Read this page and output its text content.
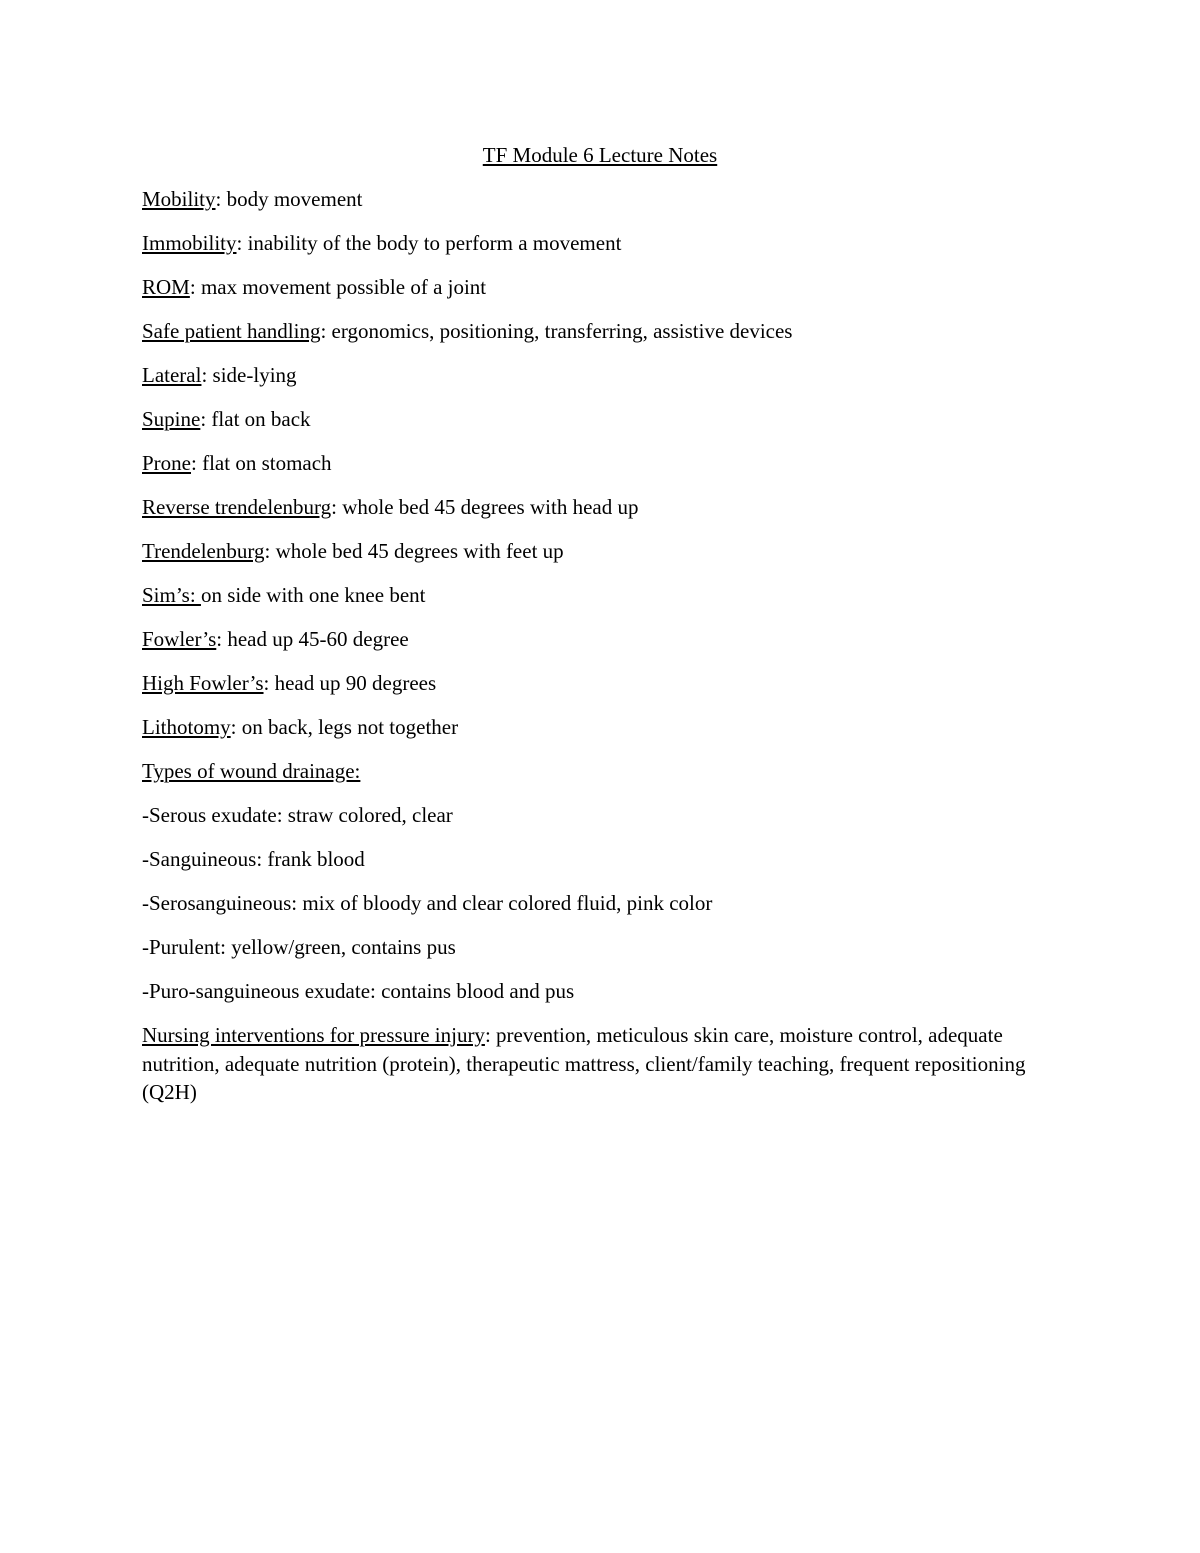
TF Module 6 Lecture Notes
Mobility: body movement
Immobility: inability of the body to perform a movement
ROM: max movement possible of a joint
Safe patient handling: ergonomics, positioning, transferring, assistive devices
Lateral: side-lying
Supine: flat on back
Prone: flat on stomach
Reverse trendelenburg: whole bed 45 degrees with head up
Trendelenburg: whole bed 45 degrees with feet up
Sim’s: on side with one knee bent
Fowler’s: head up 45-60 degree
High Fowler’s: head up 90 degrees
Lithotomy: on back, legs not together
Types of wound drainage:
-Serous exudate: straw colored, clear
-Sanguineous: frank blood
-Serosanguineous: mix of bloody and clear colored fluid, pink color
-Purulent: yellow/green, contains pus
-Puro-sanguineous exudate: contains blood and pus
Nursing interventions for pressure injury: prevention, meticulous skin care, moisture control, adequate nutrition, adequate nutrition (protein), therapeutic mattress, client/family teaching, frequent repositioning (Q2H)
